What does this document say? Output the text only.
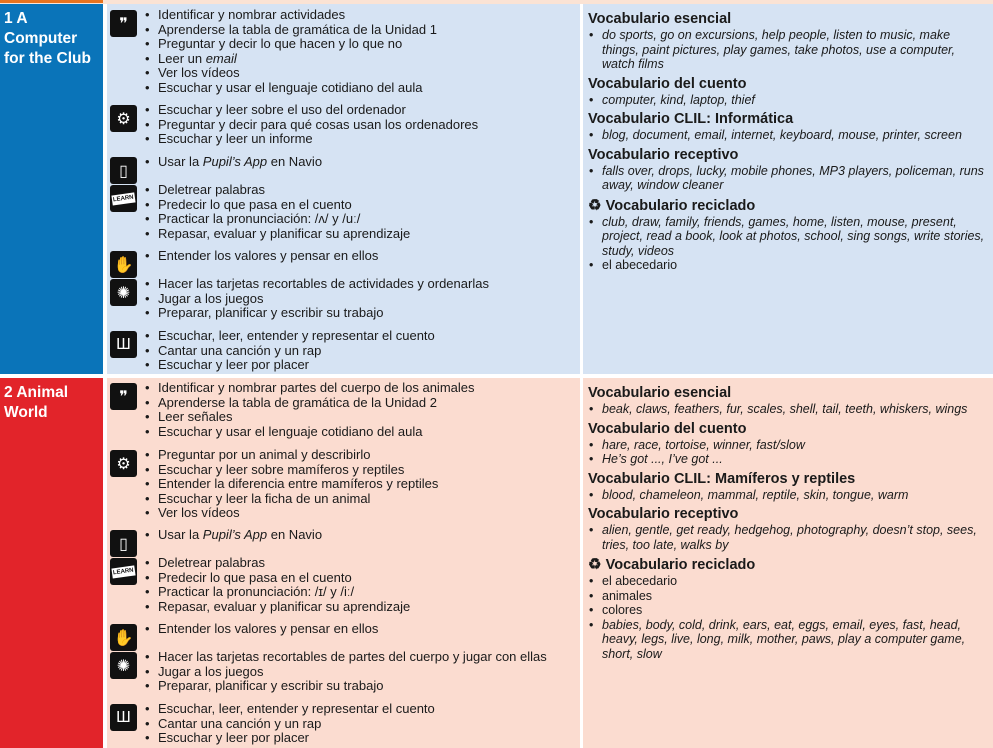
1 A Computer for the Club
❞
• Identificar y nombrar actividades
• Aprenderse la tabla de gramática de la Unidad 1
• Preguntar y decir lo que hacen y lo que no
• Leer un email
• Ver los vídeos
• Escuchar y usar el lenguaje cotidiano del aula
⚙
• Escuchar y leer sobre el uso del ordenador
• Preguntar y decir para qué cosas usan los ordenadores
• Escuchar y leer un informe
▯
• Usar la Pupil’s App en Navio
LEARN
• Deletrear palabras
• Predecir lo que pasa en el cuento
• Practicar la pronunciación: /ʌ/ y /uː/
• Repasar, evaluar y planificar su aprendizaje
✋
• Entender los valores y pensar en ellos
✺
• Hacer las tarjetas recortables de actividades y ordenarlas
• Jugar a los juegos
• Preparar, planificar y escribir su trabajo
Ш	• Escuchar, leer, entender y representar el cuento
• Cantar una canción y un rap
• Escuchar y leer por placer
Vocabulario esencial
• do sports, go on excursions, help people, listen to music, make things, paint pictures, play games, take photos, use a computer, watch films
Vocabulario del cuento
• computer, kind, laptop, thief
Vocabulario CLIL: Informática
• blog, document, email, internet, keyboard, mouse, printer, screen
Vocabulario receptivo
• falls over, drops, lucky, mobile phones, MP3 players, policeman, runs away, window cleaner
♻ Vocabulario reciclado
• club, draw, family, friends, games, home, listen, mouse, present, project, read a book, look at photos, school, sing songs, write stories, study, videos
• el abecedario
2 Animal World
❞
• Identificar y nombrar partes del cuerpo de los animales
• Aprenderse la tabla de gramática de la Unidad 2
• Leer señales
• Escuchar y usar el lenguaje cotidiano del aula
⚙
• Preguntar por un animal y describirlo
• Escuchar y leer sobre mamíferos y reptiles
• Entender la diferencia entre mamíferos y reptiles
• Escuchar y leer la ficha de un animal
• Ver los vídeos
▯
• Usar la Pupil’s App en Navio
LEARN
• Deletrear palabras
• Predecir lo que pasa en el cuento
• Practicar la pronunciación: /ɪ/ y /iː/
• Repasar, evaluar y planificar su aprendizaje
✋
• Entender los valores y pensar en ellos
✺
• Hacer las tarjetas recortables de partes del cuerpo y jugar con ellas
• Jugar a los juegos
• Preparar, planificar y escribir su trabajo
Ш	• Escuchar, leer, entender y representar el cuento
• Cantar una canción y un rap
• Escuchar y leer por placer
Vocabulario esencial
• beak, claws, feathers, fur, scales, shell, tail, teeth, whiskers, wings
Vocabulario del cuento
• hare, race, tortoise, winner, fast/slow
• He’s got ..., I’ve got ...
Vocabulario CLIL: Mamíferos y reptiles
• blood, chameleon, mammal, reptile, skin, tongue, warm
Vocabulario receptivo
• alien, gentle, get ready, hedgehog, photography, doesn’t stop, sees, tries, too late, walks by
♻ Vocabulario reciclado
• el abecedario
• animales
• colores
• babies, body, cold, drink, ears, eat, eggs, email, eyes, fast, head, heavy, legs, live, long, milk, mother, paws, play a computer game, short, slow
